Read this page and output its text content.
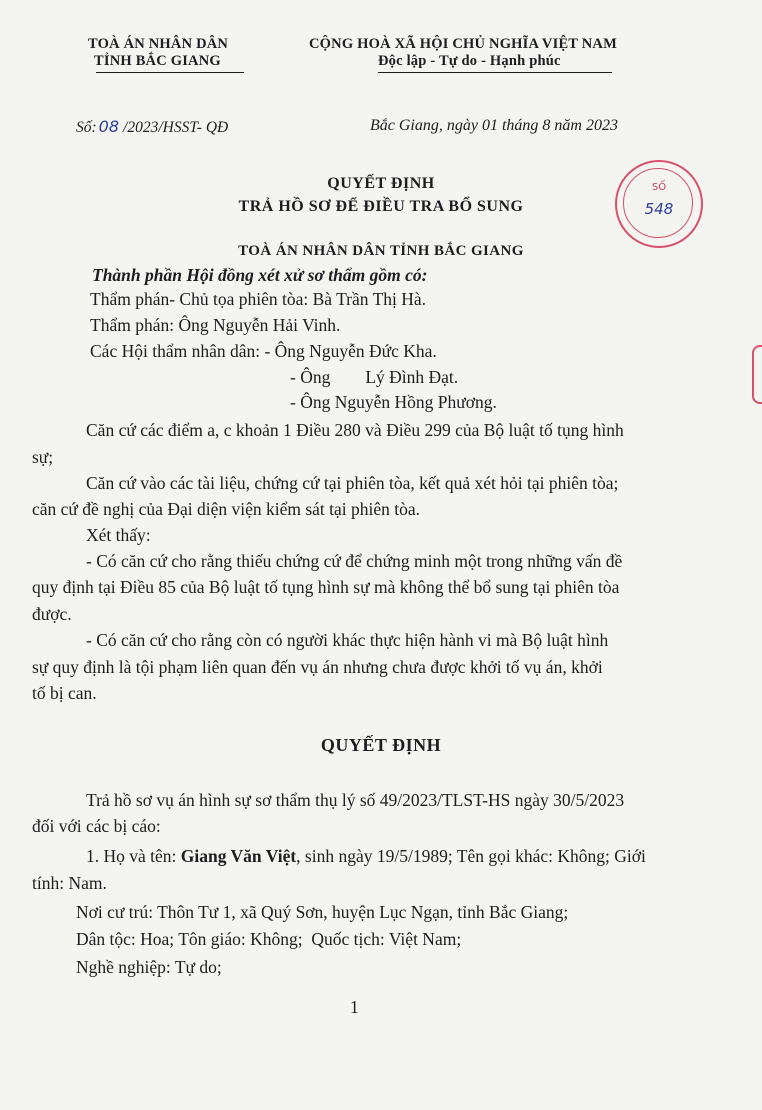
TOÀ ÁN NHÂN DÂN
TỈNH BẮC GIANG
CỘNG HOÀ XÃ HỘI CHỦ NGHĨA VIỆT NAM
Độc lập - Tự do - Hạnh phúc
Số: 08 /2023/HSST- QĐ	Bắc Giang, ngày 01 tháng 8 năm 2023
SỐ
548
QUYẾT ĐỊNH
TRẢ HỒ SƠ ĐỂ ĐIỀU TRA BỔ SUNG
TOÀ ÁN NHÂN DÂN TỈNH BẮC GIANG
Thành phần Hội đồng xét xử sơ thẩm gồm có:
Thẩm phán- Chủ tọa phiên tòa: Bà Trần Thị Hà.
Thẩm phán: Ông Nguyễn Hải Vinh.
Các Hội thẩm nhân dân: - Ông Nguyễn Đức Kha.
- Ông        Lý Đình Đạt.
- Ông Nguyễn Hồng Phương.
Căn cứ các điểm a, c khoản 1 Điều 280 và Điều 299 của Bộ luật tố tụng hình
sự;
Căn cứ vào các tài liệu, chứng cứ tại phiên tòa, kết quả xét hỏi tại phiên tòa;
căn cứ đề nghị của Đại diện viện kiểm sát tại phiên tòa.
Xét thấy:
- Có căn cứ cho rằng thiếu chứng cứ để chứng minh một trong những vấn đề
quy định tại Điều 85 của Bộ luật tố tụng hình sự mà không thể bổ sung tại phiên tòa
được.
- Có căn cứ cho rằng còn có người khác thực hiện hành vi mà Bộ luật hình
sự quy định là tội phạm liên quan đến vụ án nhưng chưa được khởi tố vụ án, khởi
tố bị can.
QUYẾT ĐỊNH
Trả hồ sơ vụ án hình sự sơ thẩm thụ lý số 49/2023/TLST-HS ngày 30/5/2023
đối với các bị cáo:
1. Họ và tên: Giang Văn Việt, sinh ngày 19/5/1989; Tên gọi khác: Không; Giới
tính: Nam.
Nơi cư trú: Thôn Tư 1, xã Quý Sơn, huyện Lục Ngạn, tỉnh Bắc Giang;
Dân tộc: Hoa; Tôn giáo: Không;  Quốc tịch: Việt Nam;
Nghề nghiệp: Tự do;
1
